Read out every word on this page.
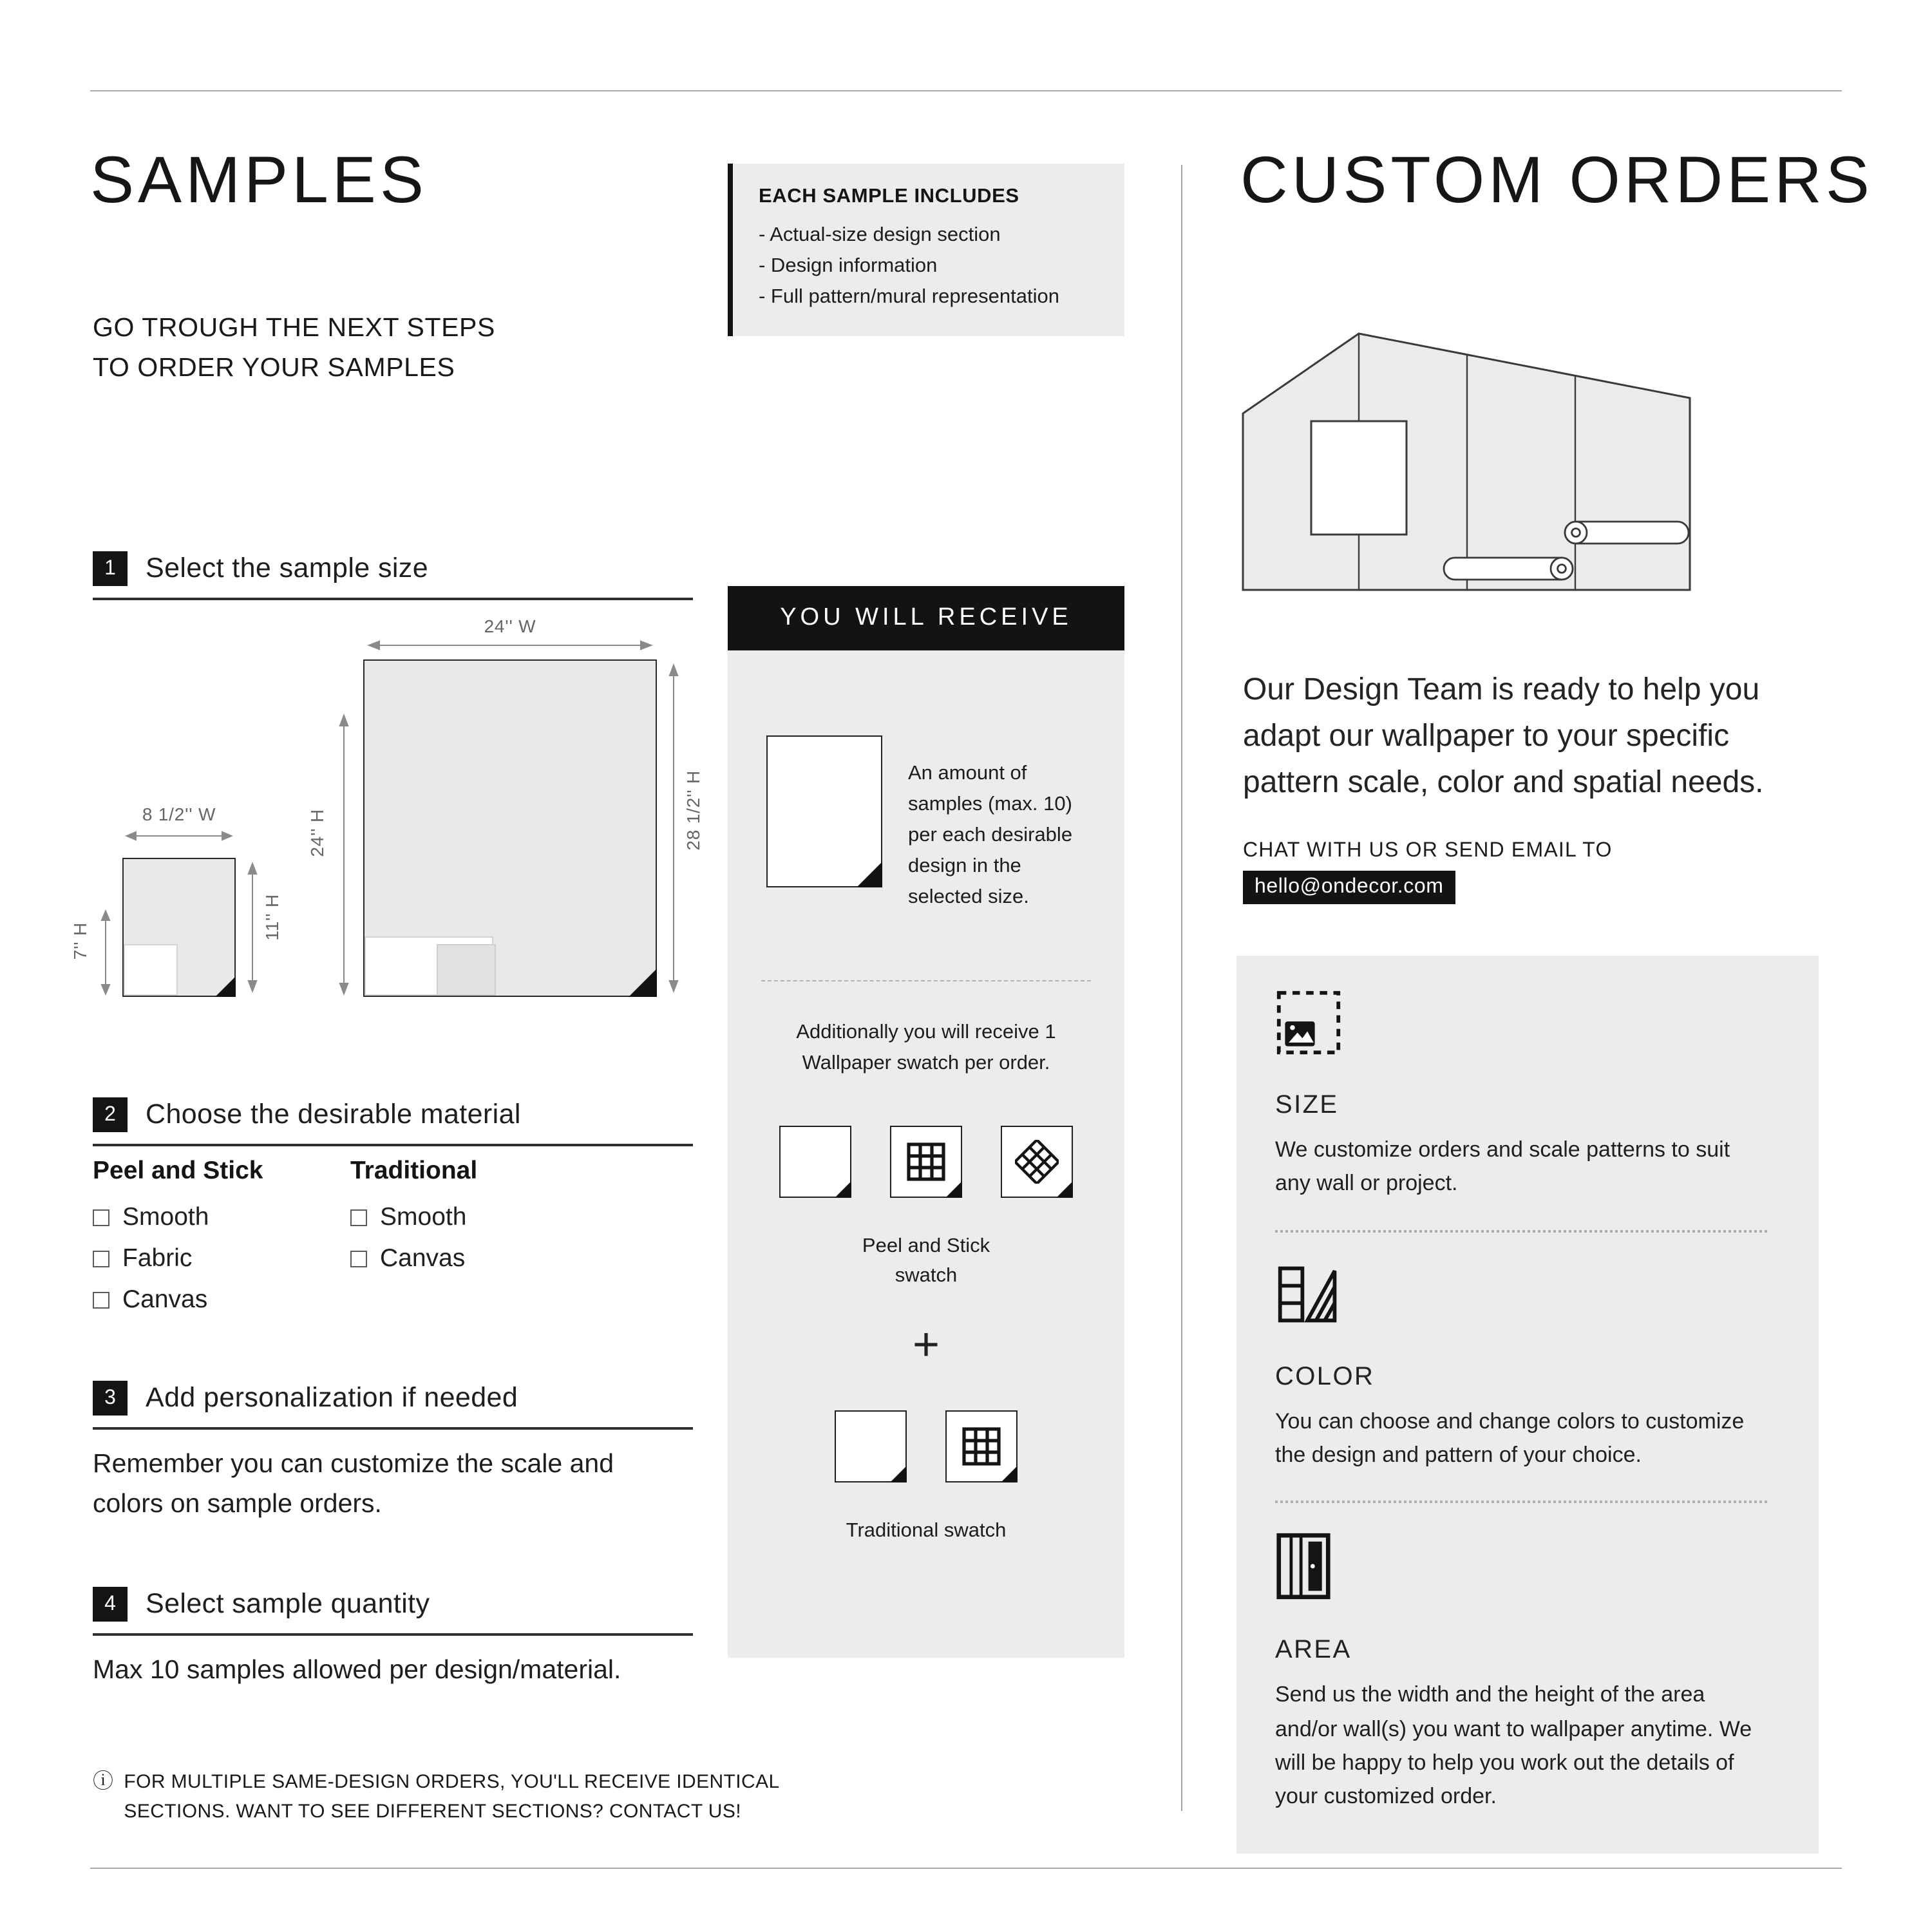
SAMPLES	EACH SAMPLE INCLUDES
- Actual-size design section
- Design information
- Full pattern/mural representation

GO TROUGH THE NEXT STEPS TO ORDER YOUR SAMPLES

1	Select the sample size
24'' W
24'' H	28 1/2'' H
8 1/2'' W
7'' H
11'' H
2	Choose the desirable material
Peel and Stick
Smooth
Fabric
Canvas
Traditional
Smooth
Canvas
3	Add personalization if needed

Remember you can customize the scale and colors on sample orders.

4	Select sample quantity

Max 10 samples allowed per design/material.

ⓘ FOR MULTIPLE SAME-DESIGN ORDERS, YOU'LL RECEIVE IDENTICAL SECTIONS. WANT TO SEE DIFFERENT SECTIONS? CONTACT US!
YOU WILL RECEIVE
An amount of samples (max. 10) per each desirable design in the selected size.
Additionally you will receive 1 Wallpaper swatch per order.
Peel and Stick swatch
+
Traditional swatch
CUSTOM ORDERS

Our Design Team is ready to help you adapt our wallpaper to your specific pattern scale, color and spatial needs.

CHAT WITH US OR SEND EMAIL TO
hello@ondecor.com
SIZE
We customize orders and scale patterns to suit any wall or project.
COLOR
You can choose and change colors to customize the design and pattern of your choice.
AREA
Send us the width and the height of the area and/or wall(s) you want to wallpaper anytime. We will be happy to help you work out the details of your customized order.
